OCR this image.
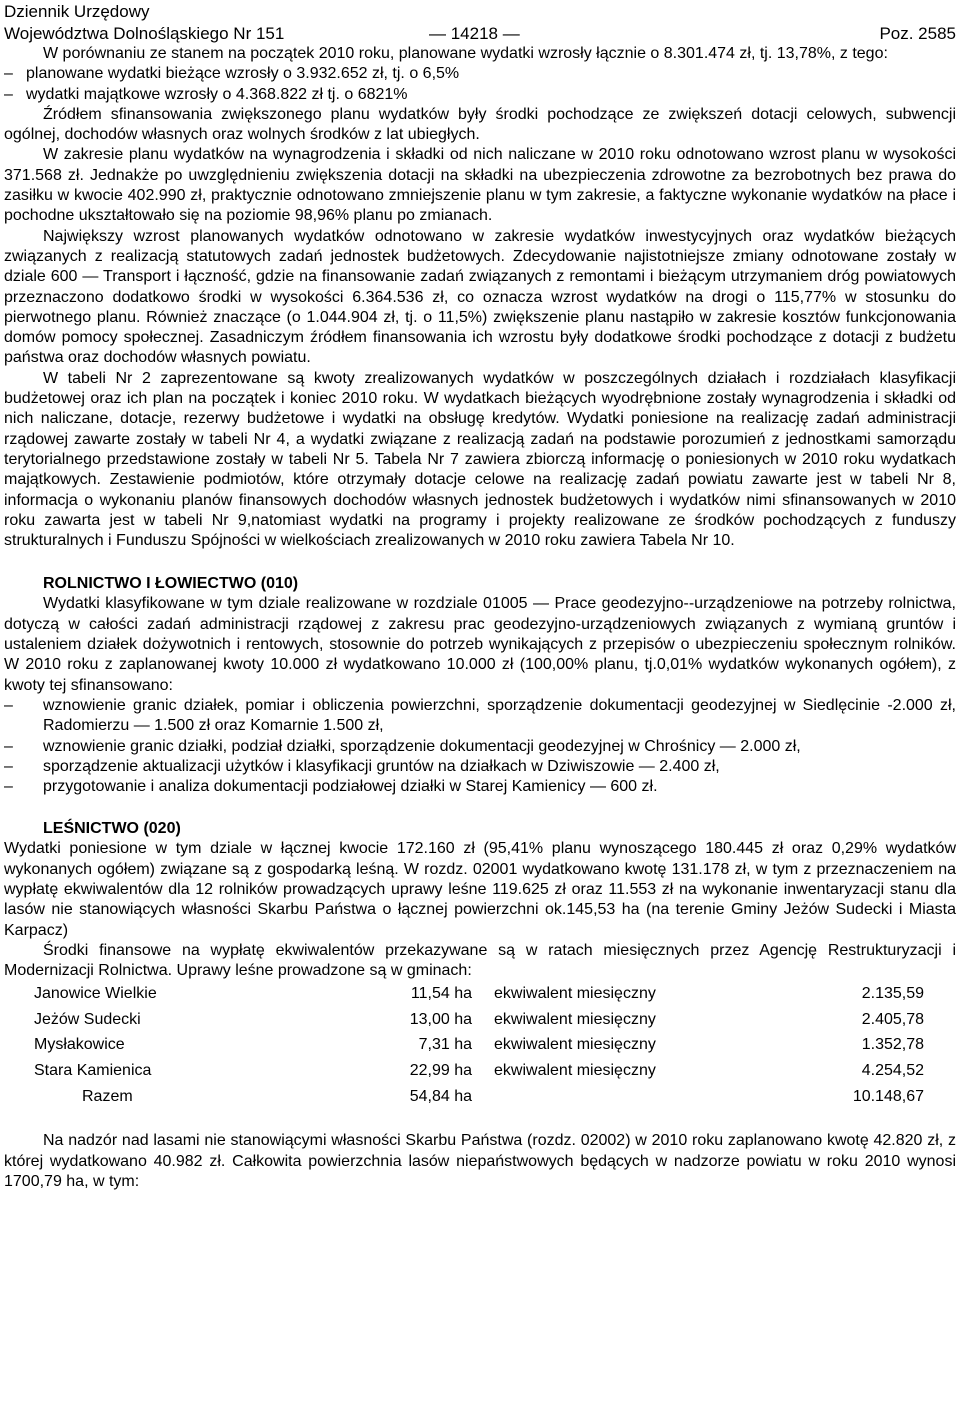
Dziennik Urzędowy
Województwa Dolnośląskiego Nr 151	— 14218 —	Poz. 2585

W porównaniu ze stanem na początek 2010 roku, planowane wydatki wzrosły łącznie o 8.301.474 zł, tj. 13,78%, z tego:

– planowane wydatki bieżące wzrosły o 3.932.652 zł, tj. o 6,5%
– wydatki majątkowe wzrosły o 4.368.822 zł tj. o 6821%

Źródłem sfinansowania zwiększonego planu wydatków były środki pochodzące ze zwiększeń dotacji celowych, subwencji ogólnej, dochodów własnych oraz wolnych środków z lat ubiegłych.

W zakresie planu wydatków na wynagrodzenia i składki od nich naliczane w 2010 roku odnotowano wzrost planu w wysokości 371.568 zł. Jednakże po uwzględnieniu zwiększenia dotacji na składki na ubezpieczenia zdrowotne za bezrobotnych bez prawa do zasiłku w kwocie 402.990 zł, praktycznie odnotowano zmniejszenie planu w tym zakresie, a faktyczne wykonanie wydatków na płace i pochodne ukształtowało się na poziomie 98,96% planu po zmianach.

Największy wzrost planowanych wydatków odnotowano w zakresie wydatków inwestycyjnych oraz wydatków bieżących związanych z realizacją statutowych zadań jednostek budżetowych. Zdecydowanie najistotniejsze zmiany odnotowane zostały w dziale 600 — Transport i łączność, gdzie na finansowanie zadań związanych z remontami i bieżącym utrzymaniem dróg powiatowych przeznaczono dodatkowo środki w wysokości 6.364.536 zł, co oznacza wzrost wydatków na drogi o 115,77% w stosunku do pierwotnego planu. Również znaczące (o 1.044.904 zł, tj. o 11,5%) zwiększenie planu nastąpiło w zakresie kosztów funkcjonowania domów pomocy społecznej. Zasadniczym źródłem finansowania ich wzrostu były dodatkowe środki pochodzące z dotacji z budżetu państwa oraz dochodów własnych powiatu.

W tabeli Nr 2 zaprezentowane są kwoty zrealizowanych wydatków w poszczególnych działach i rozdziałach klasyfikacji budżetowej oraz ich plan na początek i koniec 2010 roku. W wydatkach bieżących wyodrębnione zostały wynagrodzenia i składki od nich naliczane, dotacje, rezerwy budżetowe i wydatki na obsługę kredytów. Wydatki poniesione na realizację zadań administracji rządowej zawarte zostały w tabeli Nr 4, a wydatki związane z realizacją zadań na podstawie porozumień z jednostkami samorządu terytorialnego przedstawione zostały w tabeli Nr 5. Tabela Nr 7 zawiera zbiorczą informację o poniesionych w 2010 roku wydatkach majątkowych. Zestawienie podmiotów, które otrzymały dotacje celowe na realizację zadań powiatu zawarte jest w tabeli Nr 8, informacja o wykonaniu planów finansowych dochodów własnych jednostek budżetowych i wydatków nimi sfinansowanych w 2010 roku zawarta jest w tabeli Nr 9,natomiast wydatki na programy i projekty realizowane ze środków pochodzących z funduszy strukturalnych i Funduszu Spójności w wielkościach zrealizowanych w 2010 roku zawiera Tabela Nr 10.

ROLNICTWO I ŁOWIECTWO (010)

Wydatki klasyfikowane w tym dziale realizowane w rozdziale 01005 — Prace geodezyjno--urządzeniowe na potrzeby rolnictwa, dotyczą w całości zadań administracji rządowej z zakresu prac geodezyjno-urządzeniowych związanych z wymianą gruntów i ustaleniem działek dożywotnich i rentowych, stosownie do potrzeb wynikających z przepisów o ubezpieczeniu społecznym rolników. W 2010 roku z zaplanowanej kwoty 10.000 zł wydatkowano 10.000 zł (100,00% planu, tj.0,01% wydatków wykonanych ogółem), z kwoty tej sfinansowano:

–	wznowienie granic działek, pomiar i obliczenia powierzchni, sporządzenie dokumentacji geodezyjnej w Siedlęcinie -2.000 zł, Radomierzu — 1.500 zł oraz Komarnie 1.500 zł,
–	wznowienie granic działki, podział działki, sporządzenie dokumentacji geodezyjnej w Chrośnicy — 2.000 zł,
–	sporządzenie aktualizacji użytków i klasyfikacji gruntów na działkach w Dziwiszowie — 2.400 zł,
–	przygotowanie i analiza dokumentacji podziałowej działki w Starej Kamienicy — 600 zł.
LEŚNICTWO (020)

Wydatki poniesione w tym dziale w łącznej kwocie 172.160 zł (95,41% planu wynoszącego 180.445 zł oraz 0,29% wydatków wykonanych ogółem) związane są z gospodarką leśną. W rozdz. 02001 wydatkowano kwotę 131.178 zł, w tym z przeznaczeniem na wypłatę ekwiwalentów dla 12 rolników prowadzących uprawy leśne 119.625 zł oraz 11.553 zł na wykonanie inwentaryzacji stanu dla lasów nie stanowiących własności Skarbu Państwa o łącznej powierzchni ok.145,53 ha (na terenie Gminy Jeżów Sudecki i Miasta Karpacz)

Środki finansowe na wypłatę ekwiwalentów przekazywane są w ratach miesięcznych przez Agencję Restrukturyzacji i Modernizacji Rolnictwa. Uprawy leśne prowadzone są w gminach:

Janowice Wielkie	11,54 ha	ekwiwalent miesięczny	2.135,59
Jeżów Sudecki	13,00 ha	ekwiwalent miesięczny	2.405,78
Mysłakowice	7,31 ha	ekwiwalent miesięczny	1.352,78
Stara Kamienica	22,99 ha	ekwiwalent miesięczny	4.254,52
Razem	54,84 ha		10.148,67

Na nadzór nad lasami nie stanowiącymi własności Skarbu Państwa (rozdz. 02002) w 2010 roku zaplanowano kwotę 42.820 zł, z której wydatkowano 40.982 zł. Całkowita powierzchnia lasów niepaństwowych będących w nadzorze powiatu w roku 2010 wynosi 1700,79 ha, w tym:
